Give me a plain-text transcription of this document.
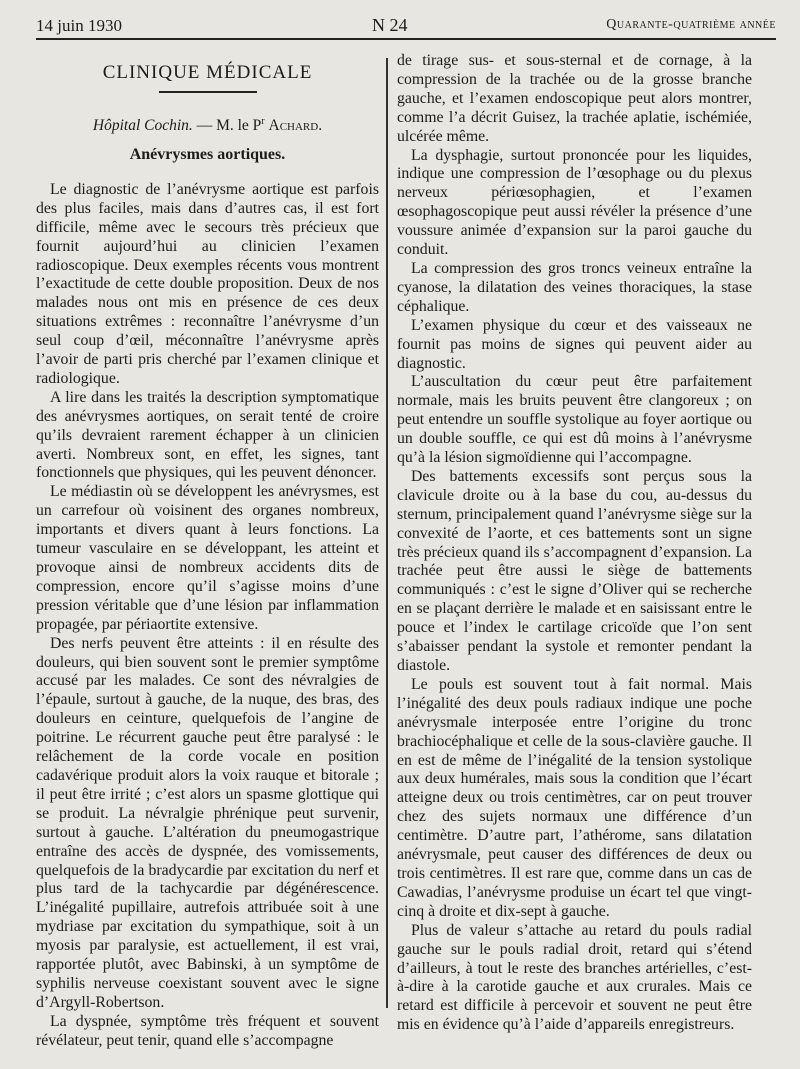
14 juin 1930	N 24	Quarante-quatrième année
CLINIQUE MÉDICALE
Hôpital Cochin. — M. le $P^r$ Achard.
Anévrysmes aortiques.

Le diagnostic de l’anévrysme aortique est parfois des plus faciles, mais dans d’autres cas, il est fort difficile, même avec le secours très précieux que fournit aujourd’hui au clinicien l’examen radioscopique. Deux exemples récents vous montrent l’exactitude de cette double proposition. Deux de nos malades nous ont mis en présence de ces deux situations extrêmes : reconnaître l’anévrysme d’un seul coup d’œil, méconnaître l’anévrysme après l’avoir de parti pris cherché par l’examen clinique et radiologique.

A lire dans les traités la description symptomatique des anévrysmes aortiques, on serait tenté de croire qu’ils devraient rarement échapper à un clinicien averti. Nombreux sont, en effet, les signes, tant fonctionnels que physiques, qui les peuvent dénoncer.

Le médiastin où se développent les anévrysmes, est un carrefour où voisinent des organes nombreux, importants et divers quant à leurs fonctions. La tumeur vasculaire en se développant, les atteint et provoque ainsi de nombreux accidents dits de compression, encore qu’il s’agisse moins d’une pression véritable que d’une lésion par inflammation propagée, par périaortite extensive.

Des nerfs peuvent être atteints : il en résulte des douleurs, qui bien souvent sont le premier symptôme accusé par les malades. Ce sont des névralgies de l’épaule, surtout à gauche, de la nuque, des bras, des douleurs en ceinture, quelquefois de l’angine de poitrine. Le récurrent gauche peut être paralysé : le relâchement de la corde vocale en position cadavérique produit alors la voix rauque et bitorale ; il peut être irrité ; c’est alors un spasme glottique qui se produit. La névralgie phrénique peut survenir, surtout à gauche. L’altération du pneumogastrique entraîne des accès de dyspnée, des vomissements, quelquefois de la bradycardie par excitation du nerf et plus tard de la tachycardie par dégénérescence. L’inégalité pupillaire, autrefois attribuée soit à une mydriase par excitation du sympathique, soit à un myosis par paralysie, est actuellement, il est vrai, rapportée plutôt, avec Babinski, à un symptôme de syphilis nerveuse coexistant souvent avec le signe d’Argyll-Robertson.

La dyspnée, symptôme très fréquent et souvent révélateur, peut tenir, quand elle s’accompagne

de tirage sus- et sous-sternal et de cornage, à la compression de la trachée ou de la grosse branche gauche, et l’examen endoscopique peut alors montrer, comme l’a décrit Guisez, la trachée aplatie, ischémiée, ulcérée même.

La dysphagie, surtout prononcée pour les liquides, indique une compression de l’œsophage ou du plexus nerveux périœsophagien, et l’examen œsophagoscopique peut aussi révéler la présence d’une voussure animée d’expansion sur la paroi gauche du conduit.

La compression des gros troncs veineux entraîne la cyanose, la dilatation des veines thoraciques, la stase céphalique.

L’examen physique du cœur et des vaisseaux ne fournit pas moins de signes qui peuvent aider au diagnostic.

L’auscultation du cœur peut être parfaitement normale, mais les bruits peuvent être clangoreux ; on peut entendre un souffle systolique au foyer aortique ou un double souffle, ce qui est dû moins à l’anévrysme qu’à la lésion sigmoïdienne qui l’accompagne.

Des battements excessifs sont perçus sous la clavicule droite ou à la base du cou, au-dessus du sternum, principalement quand l’anévrysme siège sur la convexité de l’aorte, et ces battements sont un signe très précieux quand ils s’accompagnent d’expansion. La trachée peut être aussi le siège de battements communiqués : c’est le signe d’Oliver qui se recherche en se plaçant derrière le malade et en saisissant entre le pouce et l’index le cartilage cricoïde que l’on sent s’abaisser pendant la systole et remonter pendant la diastole.

Le pouls est souvent tout à fait normal. Mais l’inégalité des deux pouls radiaux indique une poche anévrysmale interposée entre l’origine du tronc brachiocéphalique et celle de la sous-clavière gauche. Il en est de même de l’inégalité de la tension systolique aux deux humérales, mais sous la condition que l’écart atteigne deux ou trois centimètres, car on peut trouver chez des sujets normaux une différence d’un centimètre. D’autre part, l’athérome, sans dilatation anévrysmale, peut causer des différences de deux ou trois centimètres. Il est rare que, comme dans un cas de Cawadias, l’anévrysme produise un écart tel que vingt-cinq à droite et dix-sept à gauche.

Plus de valeur s’attache au retard du pouls radial gauche sur le pouls radial droit, retard qui s’étend d’ailleurs, à tout le reste des branches artérielles, c’est-à-dire à la carotide gauche et aux crurales. Mais ce retard est difficile à percevoir et souvent ne peut être mis en évidence qu’à l’aide d’appareils enregistreurs.
